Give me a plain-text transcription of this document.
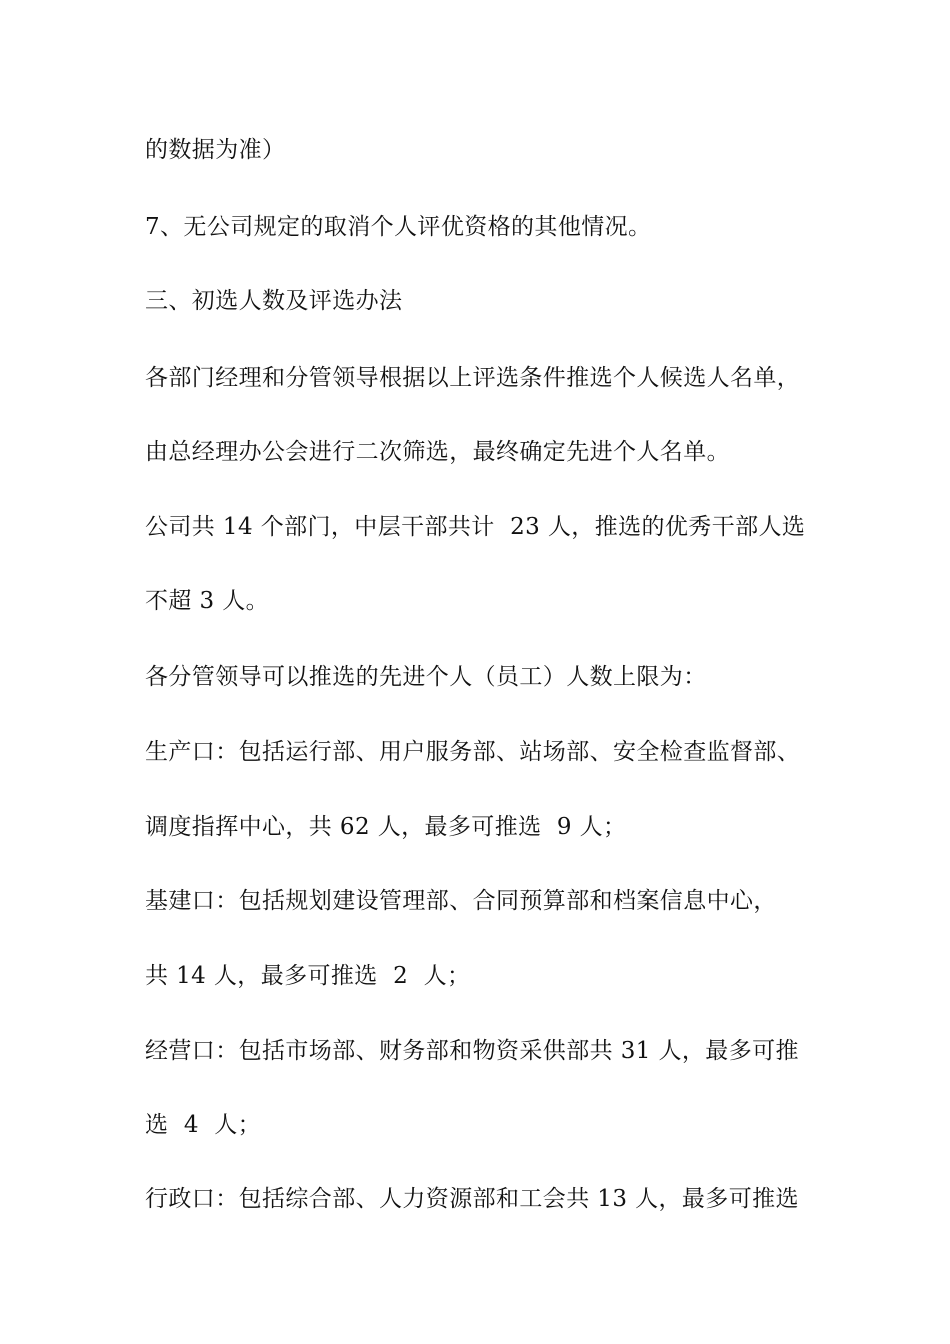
的数据为准）
7、无公司规定的取消个人评优资格的其他情况。
三、初选人数及评选办法
各部门经理和分管领导根据以上评选条件推选个人候选人名单，
由总经理办公会进行二次筛选，最终确定先进个人名单。
公司共 14 个部门，中层干部共计  23 人，推选的优秀干部人选
不超 3 人。
各分管领导可以推选的先进个人（员工）人数上限为：
生产口：包括运行部、用户服务部、站场部、安全检查监督部、
调度指挥中心，共 62 人，最多可推选  9 人；
基建口：包括规划建设管理部、合同预算部和档案信息中心，
共 14 人，最多可推选  2  人；
经营口：包括市场部、财务部和物资采供部共 31 人，最多可推
选  4  人；
行政口：包括综合部、人力资源部和工会共 13 人，最多可推选
